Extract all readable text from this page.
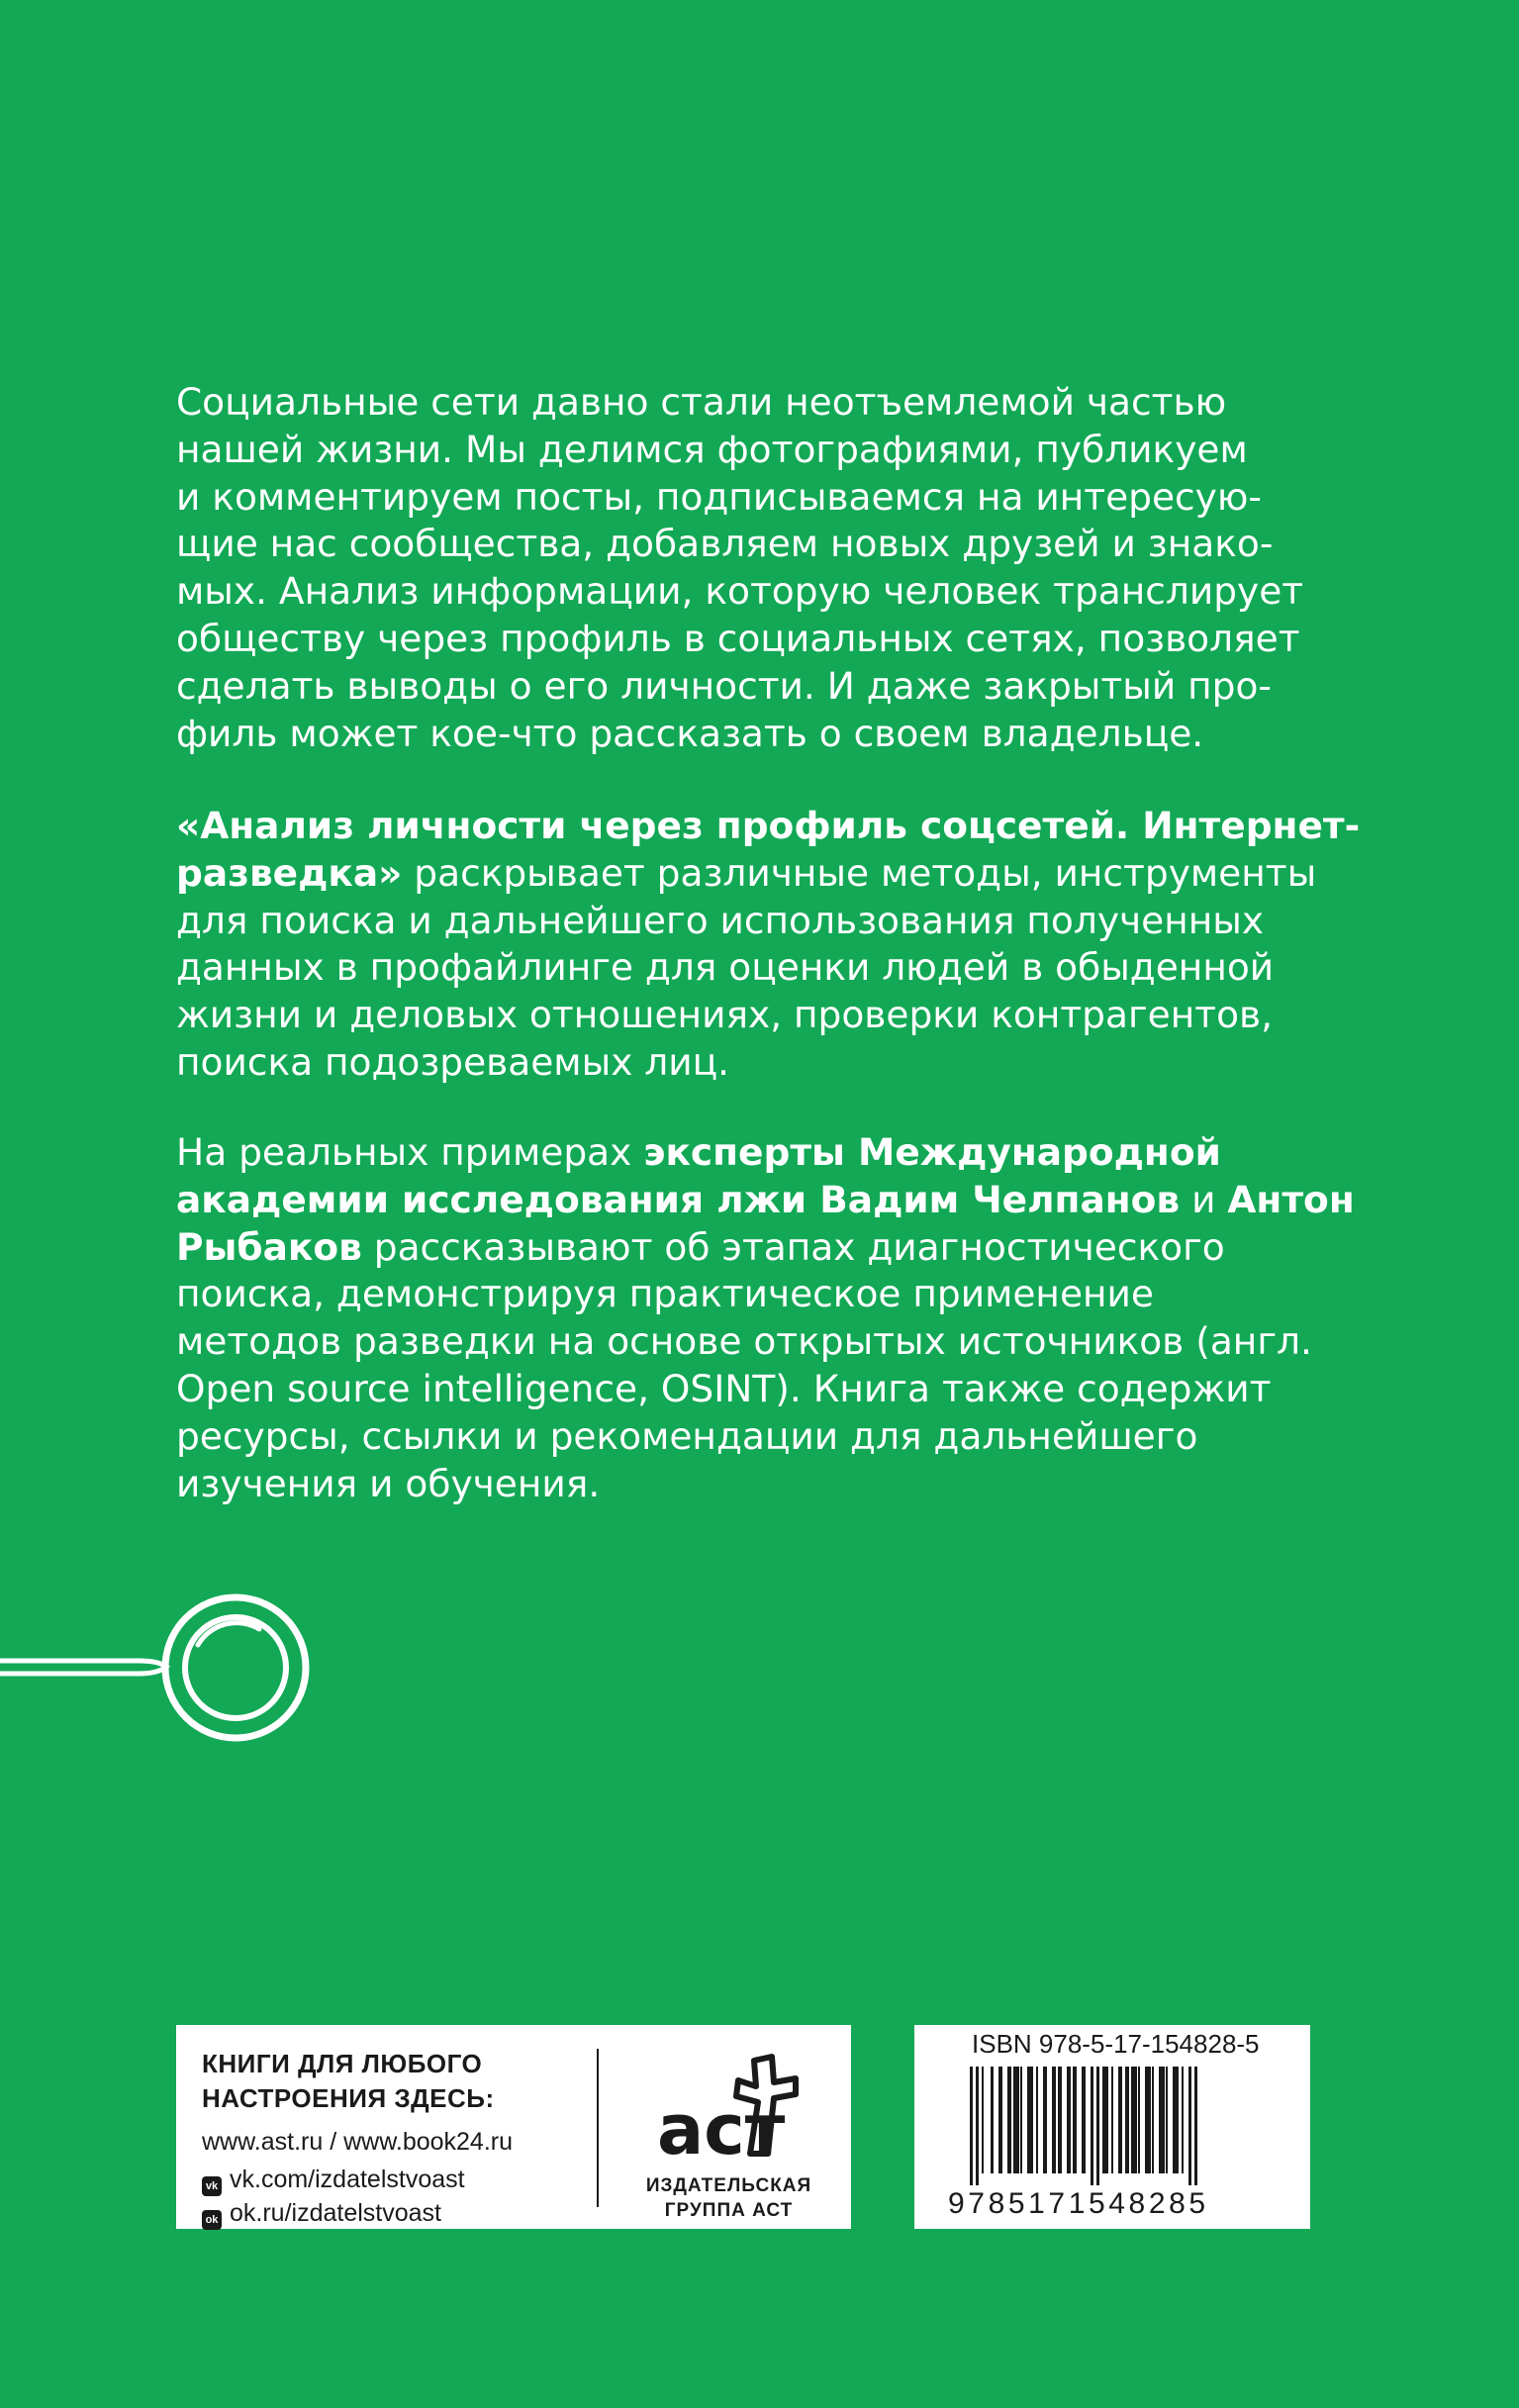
Социальные сети давно стали неотъемлемой частью
нашей жизни. Мы делимся фотографиями, публикуем
и комментируем посты, подписываемся на интересую-
щие нас сообщества, добавляем новых друзей и знако-
мых. Анализ информации, которую человек транслирует
обществу через профиль в социальных сетях, позволяет
сделать выводы о его личности. И даже закрытый про-
филь может кое-что рассказать о своем владельце.

«Анализ личности через профиль соцсетей. Интернет-
разведка» раскрывает различные методы, инструменты
для поиска и дальнейшего использования полученных
данных в профайлинге для оценки людей в обыденной
жизни и деловых отношениях, проверки контрагентов,
поиска подозреваемых лиц.

На реальных примерах эксперты Международной
академии исследования лжи Вадим Челпанов и Антон
Рыбаков рассказывают об этапах диагностического
поиска, демонстрируя практическое применение
методов разведки на основе открытых источников (англ.
Open source intelligence, OSINT). Книга также содержит
ресурсы, ссылки и рекомендации для дальнейшего
изучения и обучения.

КНИГИ ДЛЯ ЛЮБОГО
НАСТРОЕНИЯ ЗДЕСЬ:

www.ast.ru / www.book24.ru

vk vk.com/izdatelstvoast

ok ok.ru/izdatelstvoast

аст

ИЗДАТЕЛЬСКАЯ
ГРУППА АСТ

ISBN 978-5-17-154828-5

9785171548285
